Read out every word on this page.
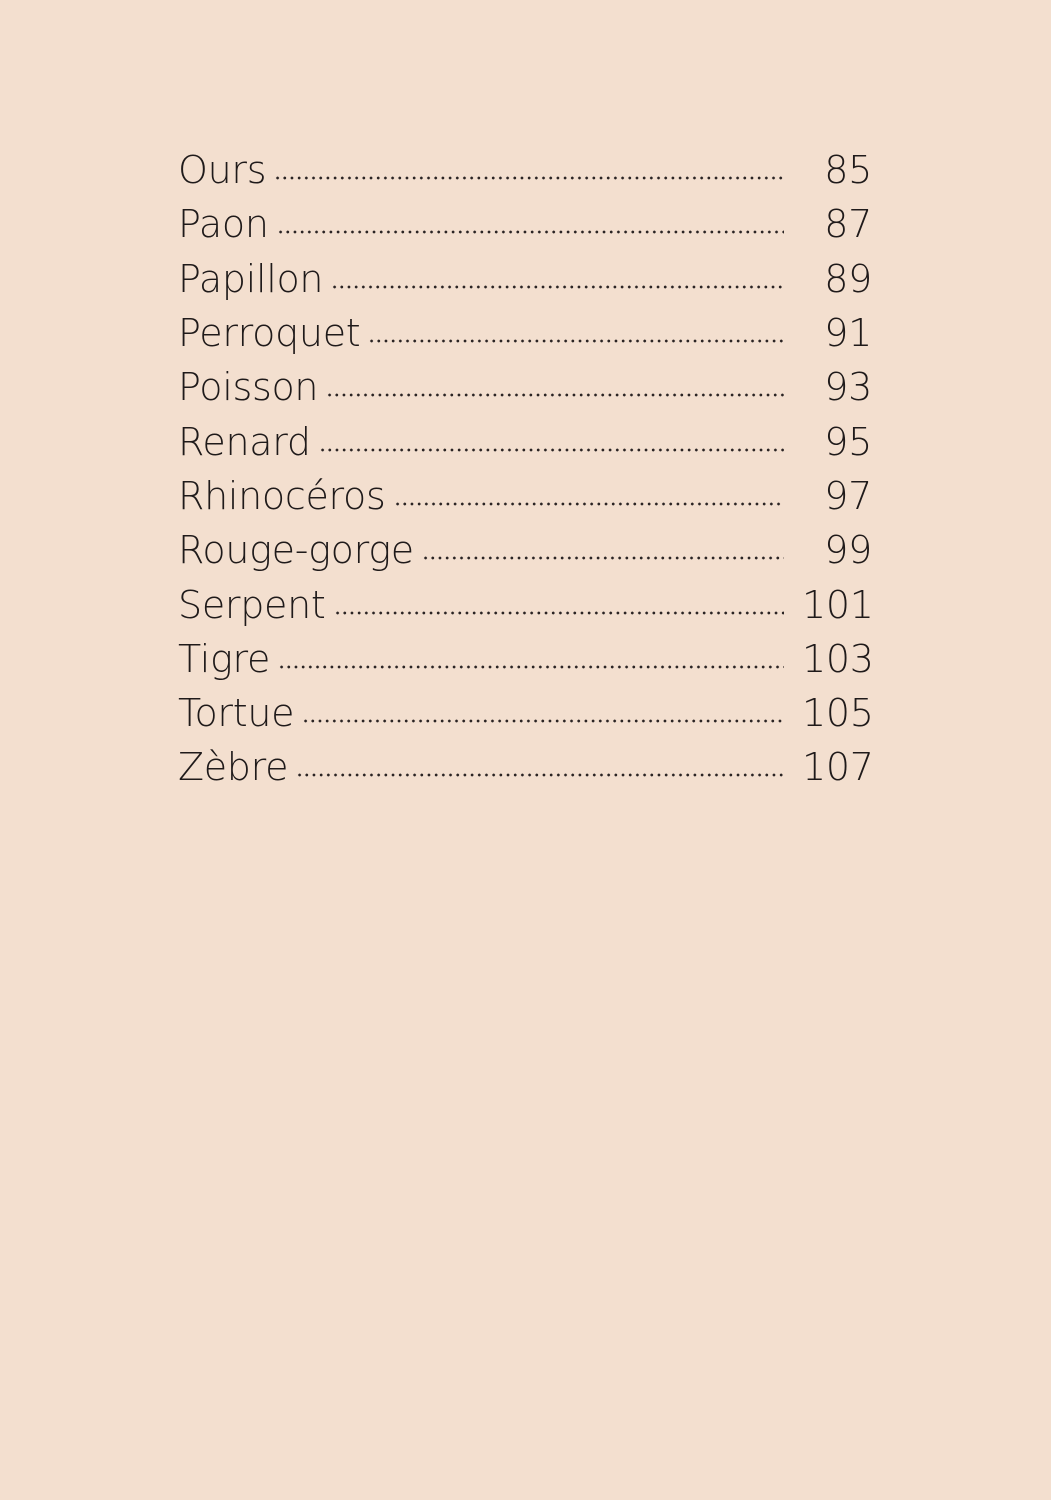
Ours	85
Paon	87
Papillon	89
Perroquet	91
Poisson	93
Renard	95
Rhinocéros	97
Rouge-gorge	99
Serpent	101
Tigre	103
Tortue	105
Zèbre	107
